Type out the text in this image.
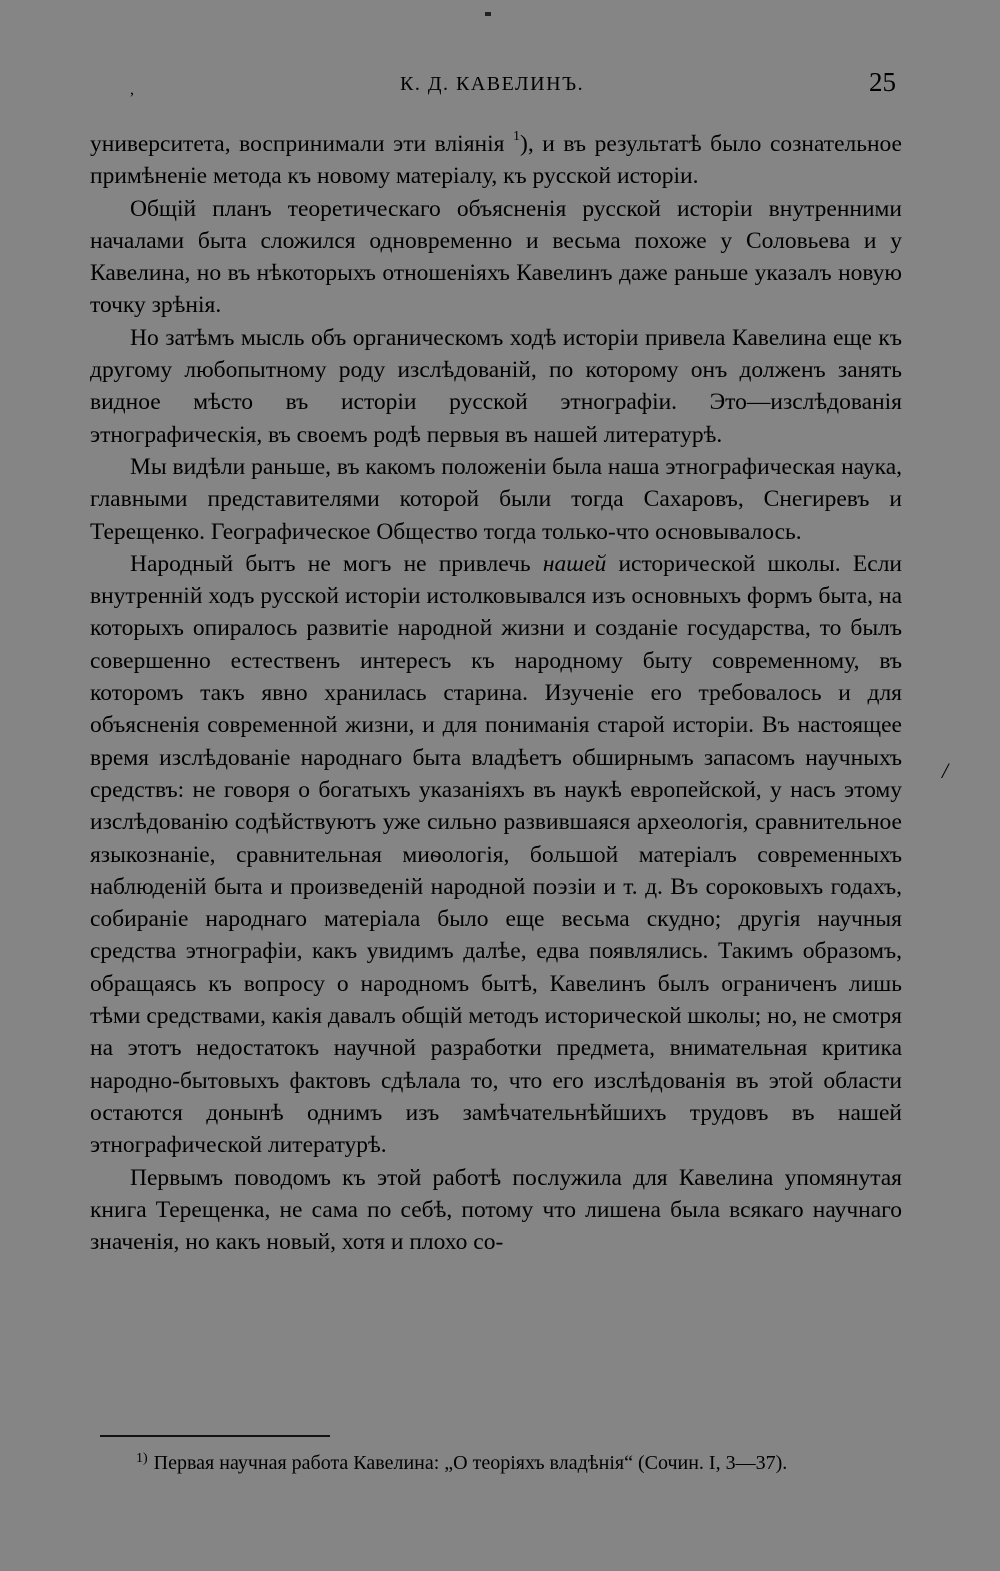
/
,	К. Д. КАВЕЛИНЪ.	25

университета, воспринимали эти вліянія $^1$), и въ результатѣ было сознательное примѣненіе метода къ новому матеріалу, къ русской исторіи.

Общій планъ теоретическаго объясненія русской исторіи внутренними началами быта сложился одновременно и весьма похоже у Соловьева и у Кавелина, но въ нѣкоторыхъ отношеніяхъ Кавелинъ даже раньше указалъ новую точку зрѣнія.

Но затѣмъ мысль объ органическомъ ходѣ исторіи привела Кавелина еще къ другому любопытному роду изслѣдованій, по которому онъ долженъ занять видное мѣсто въ исторіи русской этнографіи. Это—изслѣдованія этнографическія, въ своемъ родѣ первыя въ нашей литературѣ.

Мы видѣли раньше, въ какомъ положеніи была наша этнографическая наука, главными представителями которой были тогда Сахаровъ, Снегиревъ и Терещенко. Географическое Общество тогда только-что основывалось.

Народный бытъ не могъ не привлечь нашей исторической школы. Если внутренній ходъ русской исторіи истолковывался изъ основныхъ формъ быта, на которыхъ опиралось развитіе народной жизни и созданіе государства, то былъ совершенно естественъ интересъ къ народному быту современному, въ которомъ такъ явно хранилась старина. Изученіе его требовалось и для объясненія современной жизни, и для пониманія старой исторіи. Въ настоящее время изслѣдованіе народнаго быта владѣетъ обширнымъ запасомъ научныхъ средствъ: не говоря о богатыхъ указаніяхъ въ наукѣ европейской, у насъ этому изслѣдованію содѣйствуютъ уже сильно развившаяся археологія, сравнительное языкознаніе, сравнительная миѳологія, большой матеріалъ современныхъ наблюденій быта и произведеній народной поэзіи и т. д. Въ сороковыхъ годахъ, собираніе народнаго матеріала было еще весьма скудно; другія научныя средства этнографіи, какъ увидимъ далѣе, едва появлялись. Такимъ образомъ, обращаясь къ вопросу о народномъ бытѣ, Кавелинъ былъ ограниченъ лишь тѣми средствами, какія давалъ общій методъ исторической школы; но, не смотря на этотъ недостатокъ научной разработки предмета, внимательная критика народно-бытовыхъ фактовъ сдѣлала то, что его изслѣдованія въ этой области остаются донынѣ однимъ изъ замѣчательнѣйшихъ трудовъ въ нашей этнографической литературѣ.

Первымъ поводомъ къ этой работѣ послужила для Кавелина упомянутая книга Терещенка, не сама по себѣ, потому что лишена была всякаго научнаго значенія, но какъ новый, хотя и плохо со-

$^{1)}$ Первая научная работа Кавелина: „О теоріяхъ владѣнія“ (Сочин. I, 3—37).
